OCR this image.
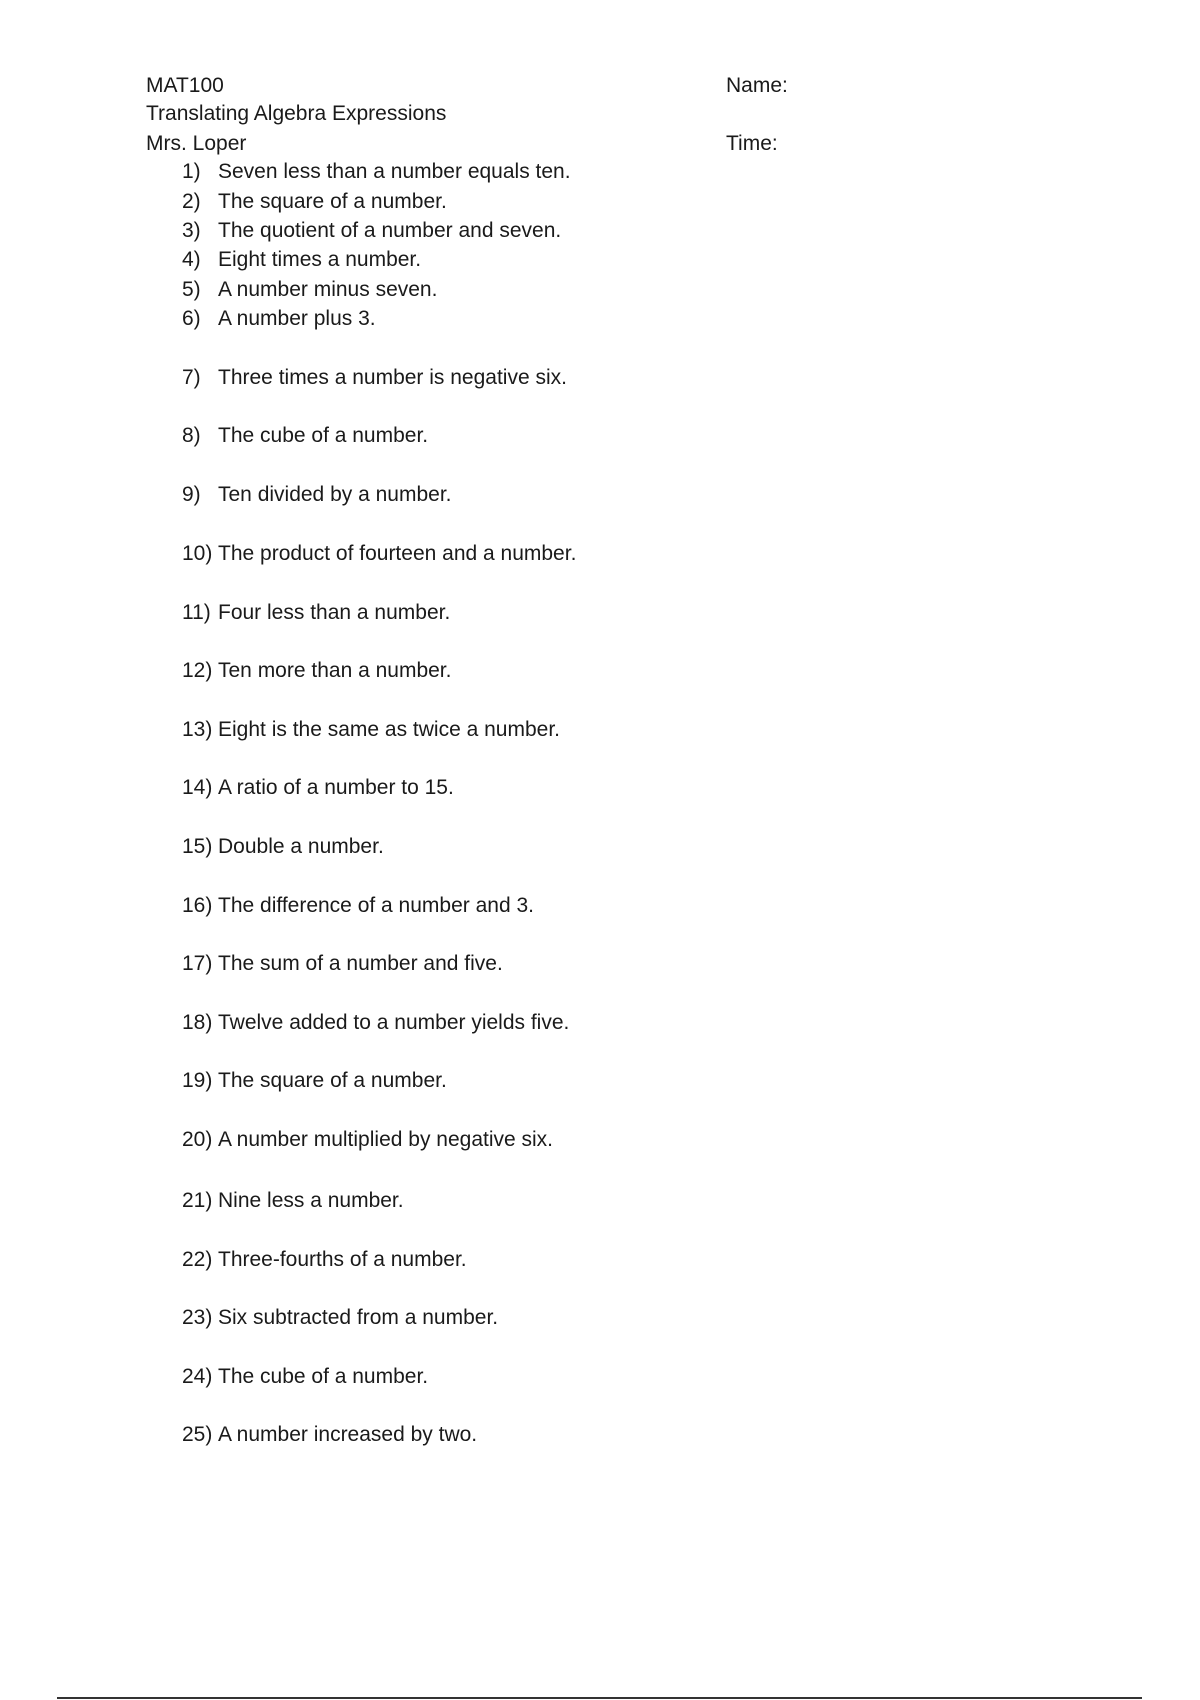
MAT100
Translating Algebra Expressions
Mrs. Loper
Name:
Time:
1) Seven less than a number equals ten.
2) The square of a number.
3) The quotient of a number and seven.
4) Eight times a number.
5) A number minus seven.
6) A number plus 3.
7) Three times a number is negative six.
8) The cube of a number.
9) Ten divided by a number.
10) The product of fourteen and a number.
11) Four less than a number.
12) Ten more than a number.
13) Eight is the same as twice a number.
14) A ratio of a number to 15.
15) Double a number.
16) The difference of a number and 3.
17) The sum of a number and five.
18) Twelve added to a number yields five.
19) The square of a number.
20) A number multiplied by negative six.
21) Nine less a number.
22) Three-fourths of a number.
23) Six subtracted from a number.
24) The cube of a number.
25) A number increased by two.
